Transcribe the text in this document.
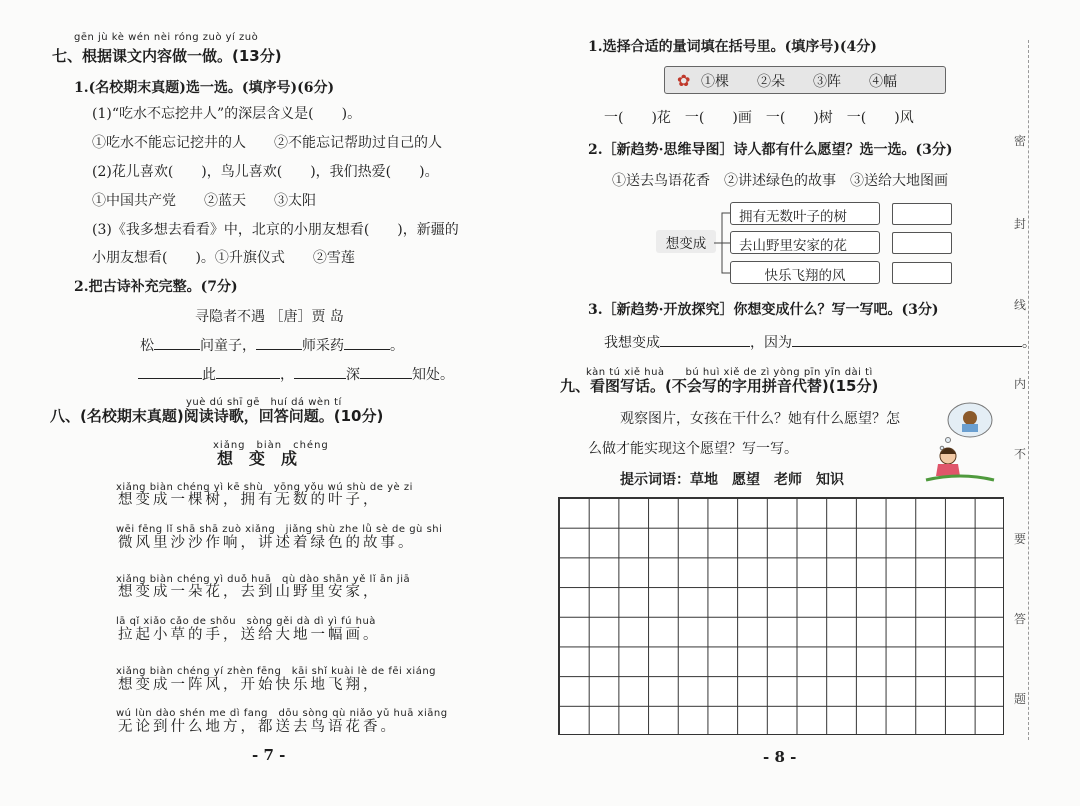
gēn jù kè wén nèi róng zuò yí zuò
七、根据课文内容做一做。(13分)
1.(名校期末真题)选一选。(填序号)(6分)
(1)“吃水不忘挖井人”的深层含义是(　　)。
①吃水不能忘记挖井的人　　②不能忘记帮助过自己的人
(2)花儿喜欢(　　)，鸟儿喜欢(　　)，我们热爱(　　)。
①中国共产党　　②蓝天　　③太阳
(3)《我多想去看看》中，北京的小朋友想看(　　)，新疆的
小朋友想看(　　)。①升旗仪式　　②雪莲
2.把古诗补充完整。(7分)
寻隐者不遇 ［唐］贾 岛
松	问童子，	师采药	。
此	，	深	知处。
yuè dú shī gē　huí dá wèn tí
八、(名校期末真题)阅读诗歌，回答问题。(10分)
xiǎng　biàn　chéng
想　变　成
xiǎng biàn chéng yì kē shù　yōng yǒu wú shù de yè zi
想变成一棵树，拥有无数的叶子，
wēi fēng lǐ shā shā zuò xiǎng　jiǎng shù zhe lǜ sè de gù shi
微风里沙沙作响，讲述着绿色的故事。
xiǎng biàn chéng yì duǒ huā　qù dào shān yě lǐ ān jiā
想变成一朵花，去到山野里安家，
lā qǐ xiǎo cǎo de shǒu　sòng gěi dà dì yì fú huà
拉起小草的手，送给大地一幅画。
xiǎng biàn chéng yí zhèn fēng　kāi shǐ kuài lè de fēi xiáng
想变成一阵风，开始快乐地飞翔，
wú lùn dào shén me dì fang　dōu sòng qù niǎo yǔ huā xiāng
无论到什么地方，都送去鸟语花香。
- 7 -
1.选择合适的量词填在括号里。(填序号)(4分)
✿ ①棵　　②朵　　③阵　　④幅
一(　　)花　一(　　)画　一(　　)树　一(　　)风
2.［新趋势·思维导图］诗人都有什么愿望？选一选。(3分)
①送去鸟语花香　②讲述绿色的故事　③送给大地图画
想变成
拥有无数叶子的树
去山野里安家的花
快乐飞翔的风
3.［新趋势·开放探究］你想变成什么？写一写吧。(3分)
我想变成	，因为	。
kàn tú xiě huà　　bú huì xiě de zì yòng pīn yīn dài tì
九、看图写话。(不会写的字用拼音代替)(15分)
观察图片，女孩在干什么？她有什么愿望？怎
么做才能实现这个愿望？写一写。
提示词语：草地　愿望　老师　知识
- 8 -
密
封
线
内
不
要
答
题
